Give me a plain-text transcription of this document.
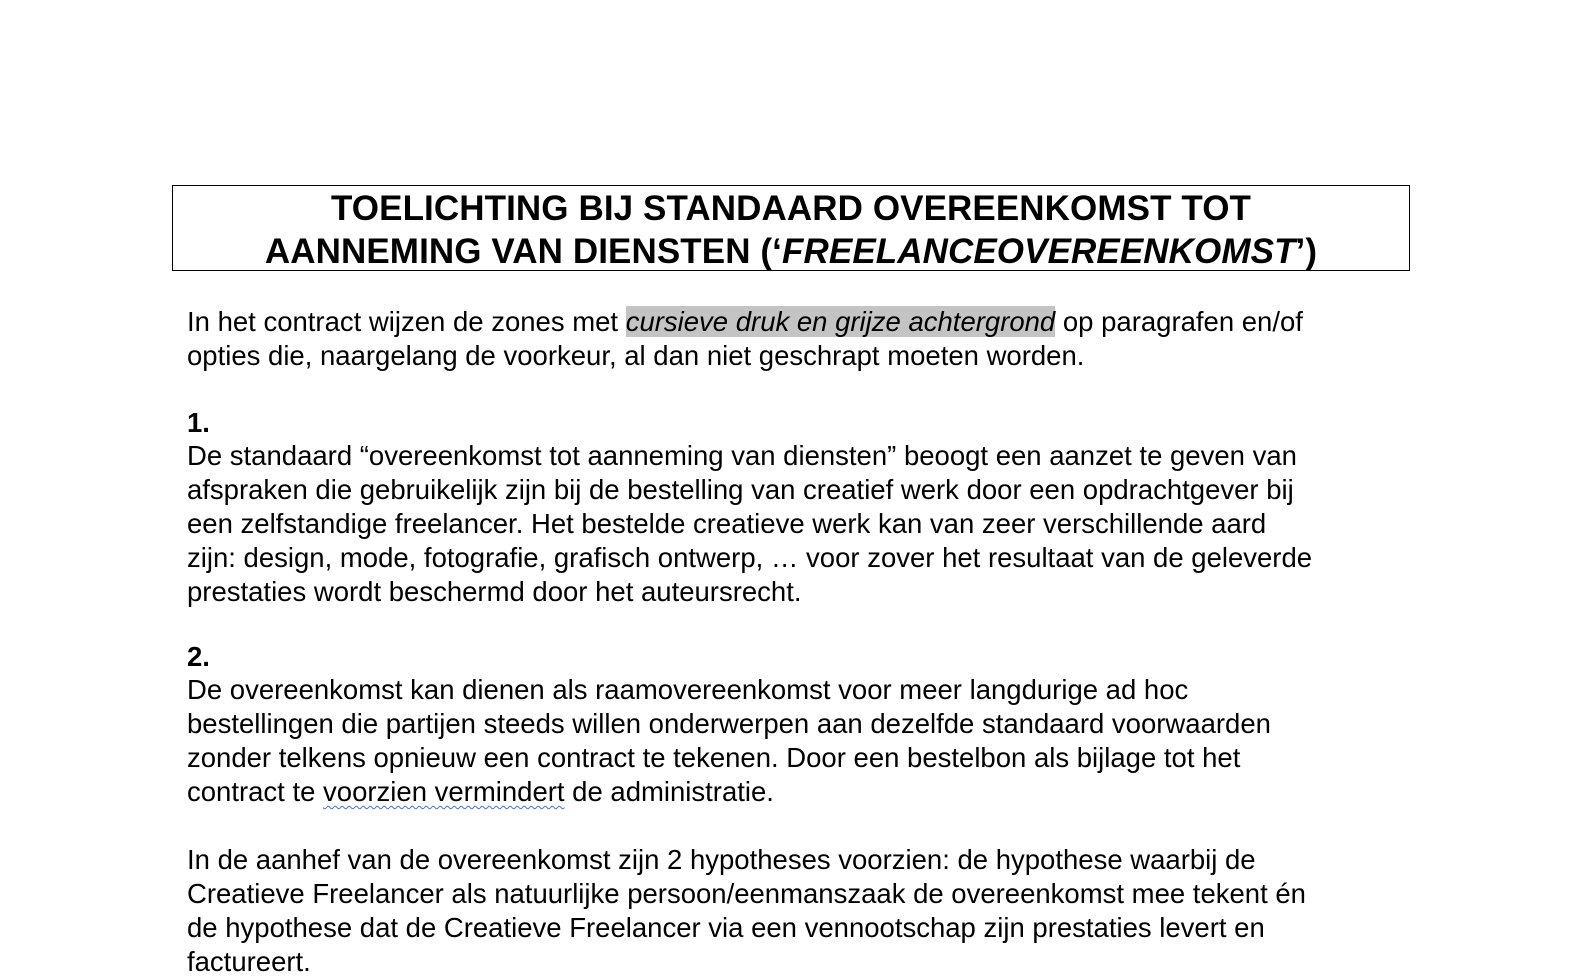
TOELICHTING BIJ STANDAARD OVEREENKOMST TOT
AANNEMING VAN DIENSTEN (‘FREELANCEOVEREENKOMST’)
In het contract wijzen de zones met cursieve druk en grijze achtergrond op paragrafen en/of
opties die, naargelang de voorkeur, al dan niet geschrapt moeten worden.
1.
De standaard “overeenkomst tot aanneming van diensten” beoogt een aanzet te geven van
afspraken die gebruikelijk zijn bij de bestelling van creatief werk door een opdrachtgever bij
een zelfstandige freelancer. Het bestelde creatieve werk kan van zeer verschillende aard
zijn: design, mode, fotografie, grafisch ontwerp, … voor zover het resultaat van de geleverde
prestaties wordt beschermd door het auteursrecht.
2.
De overeenkomst kan dienen als raamovereenkomst voor meer langdurige ad hoc
bestellingen die partijen steeds willen onderwerpen aan dezelfde standaard voorwaarden
zonder telkens opnieuw een contract te tekenen. Door een bestelbon als bijlage tot het
contract te voorzien vermindert de administratie.
In de aanhef van de overeenkomst zijn 2 hypotheses voorzien: de hypothese waarbij de
Creatieve Freelancer als natuurlijke persoon/eenmanszaak de overeenkomst mee tekent én
de hypothese dat de Creatieve Freelancer via een vennootschap zijn prestaties levert en
factureert.
